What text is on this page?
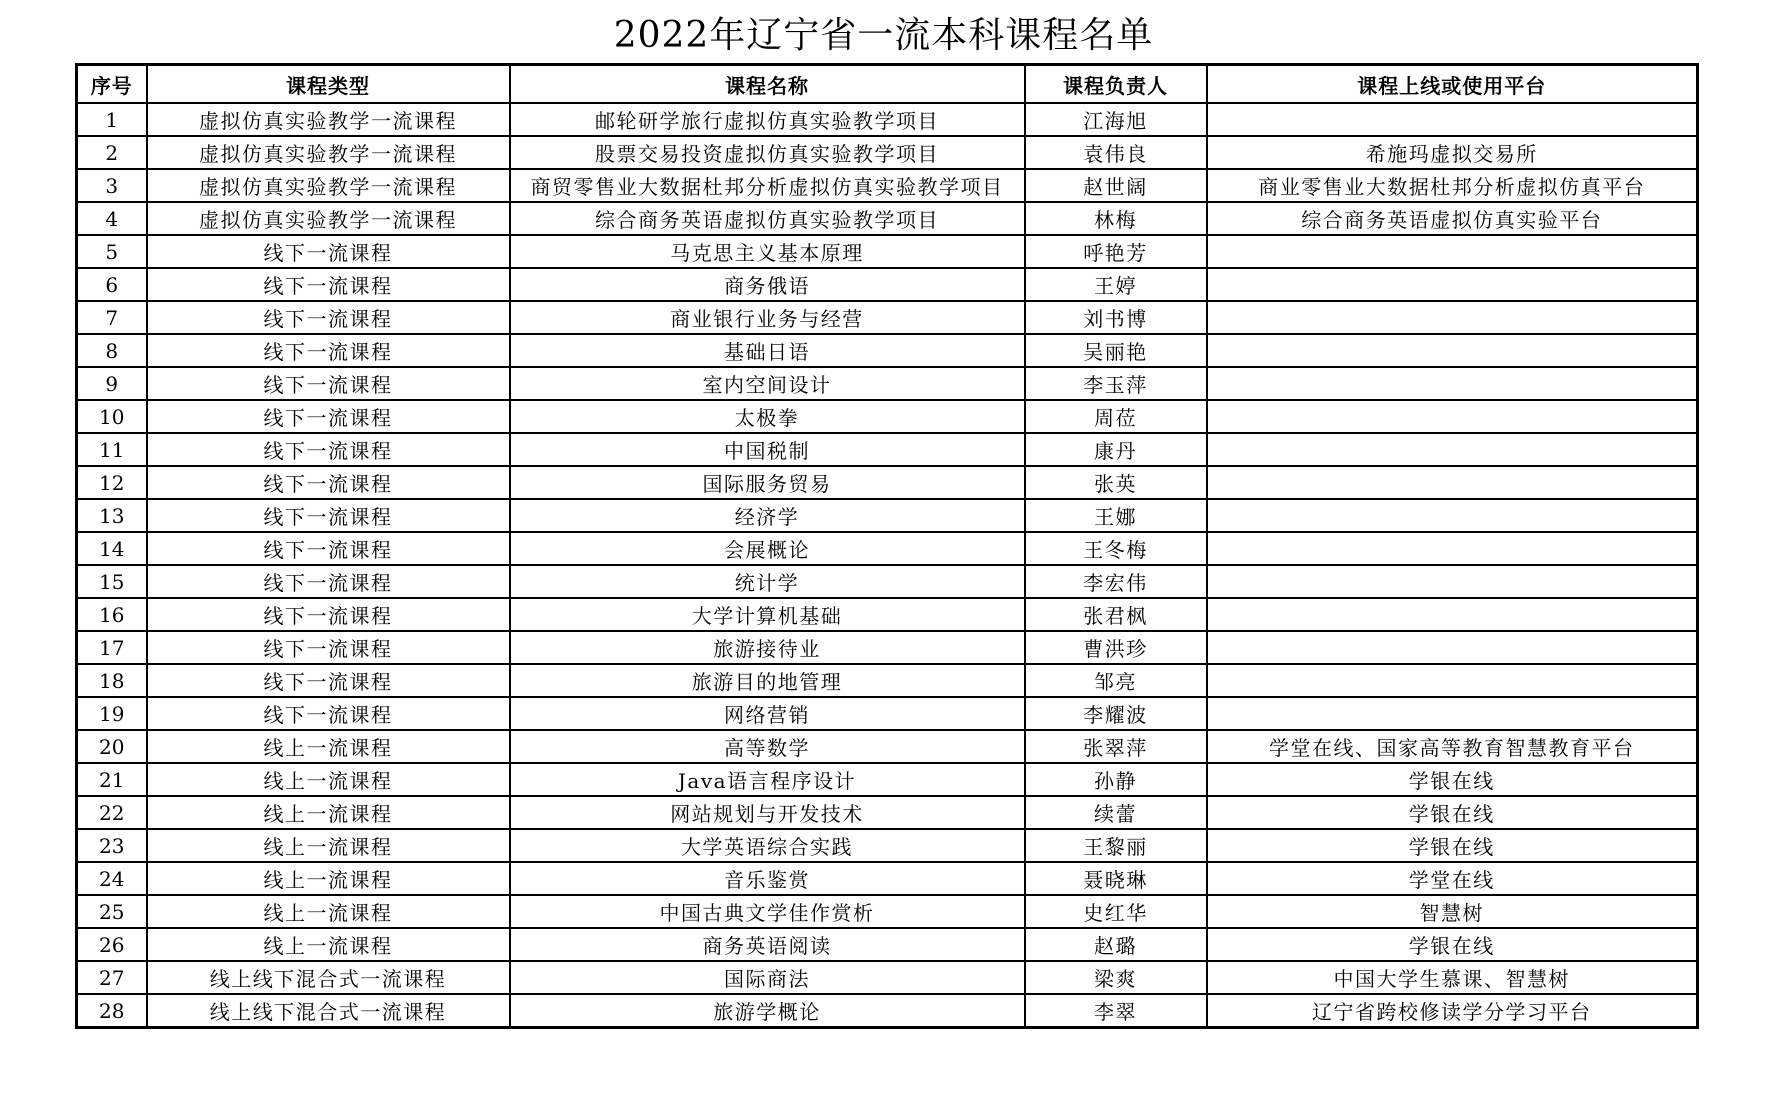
2022年辽宁省一流本科课程名单
序号	课程类型	课程名称	课程负责人	课程上线或使用平台
1	虚拟仿真实验教学一流课程	邮轮研学旅行虚拟仿真实验教学项目	江海旭	
2	虚拟仿真实验教学一流课程	股票交易投资虚拟仿真实验教学项目	袁伟良	希施玛虚拟交易所
3	虚拟仿真实验教学一流课程	商贸零售业大数据杜邦分析虚拟仿真实验教学项目	赵世阔	商业零售业大数据杜邦分析虚拟仿真平台
4	虚拟仿真实验教学一流课程	综合商务英语虚拟仿真实验教学项目	林梅	综合商务英语虚拟仿真实验平台
5	线下一流课程	马克思主义基本原理	呼艳芳	
6	线下一流课程	商务俄语	王婷	
7	线下一流课程	商业银行业务与经营	刘书博	
8	线下一流课程	基础日语	吴丽艳	
9	线下一流课程	室内空间设计	李玉萍	
10	线下一流课程	太极拳	周莅	
11	线下一流课程	中国税制	康丹	
12	线下一流课程	国际服务贸易	张英	
13	线下一流课程	经济学	王娜	
14	线下一流课程	会展概论	王冬梅	
15	线下一流课程	统计学	李宏伟	
16	线下一流课程	大学计算机基础	张君枫	
17	线下一流课程	旅游接待业	曹洪珍	
18	线下一流课程	旅游目的地管理	邹亮	
19	线下一流课程	网络营销	李耀波	
20	线上一流课程	高等数学	张翠萍	学堂在线、国家高等教育智慧教育平台
21	线上一流课程	Java语言程序设计	孙静	学银在线
22	线上一流课程	网站规划与开发技术	续蕾	学银在线
23	线上一流课程	大学英语综合实践	王黎丽	学银在线
24	线上一流课程	音乐鉴赏	聂晓琳	学堂在线
25	线上一流课程	中国古典文学佳作赏析	史红华	智慧树
26	线上一流课程	商务英语阅读	赵璐	学银在线
27	线上线下混合式一流课程	国际商法	梁爽	中国大学生慕课、智慧树
28	线上线下混合式一流课程	旅游学概论	李翠	辽宁省跨校修读学分学习平台
